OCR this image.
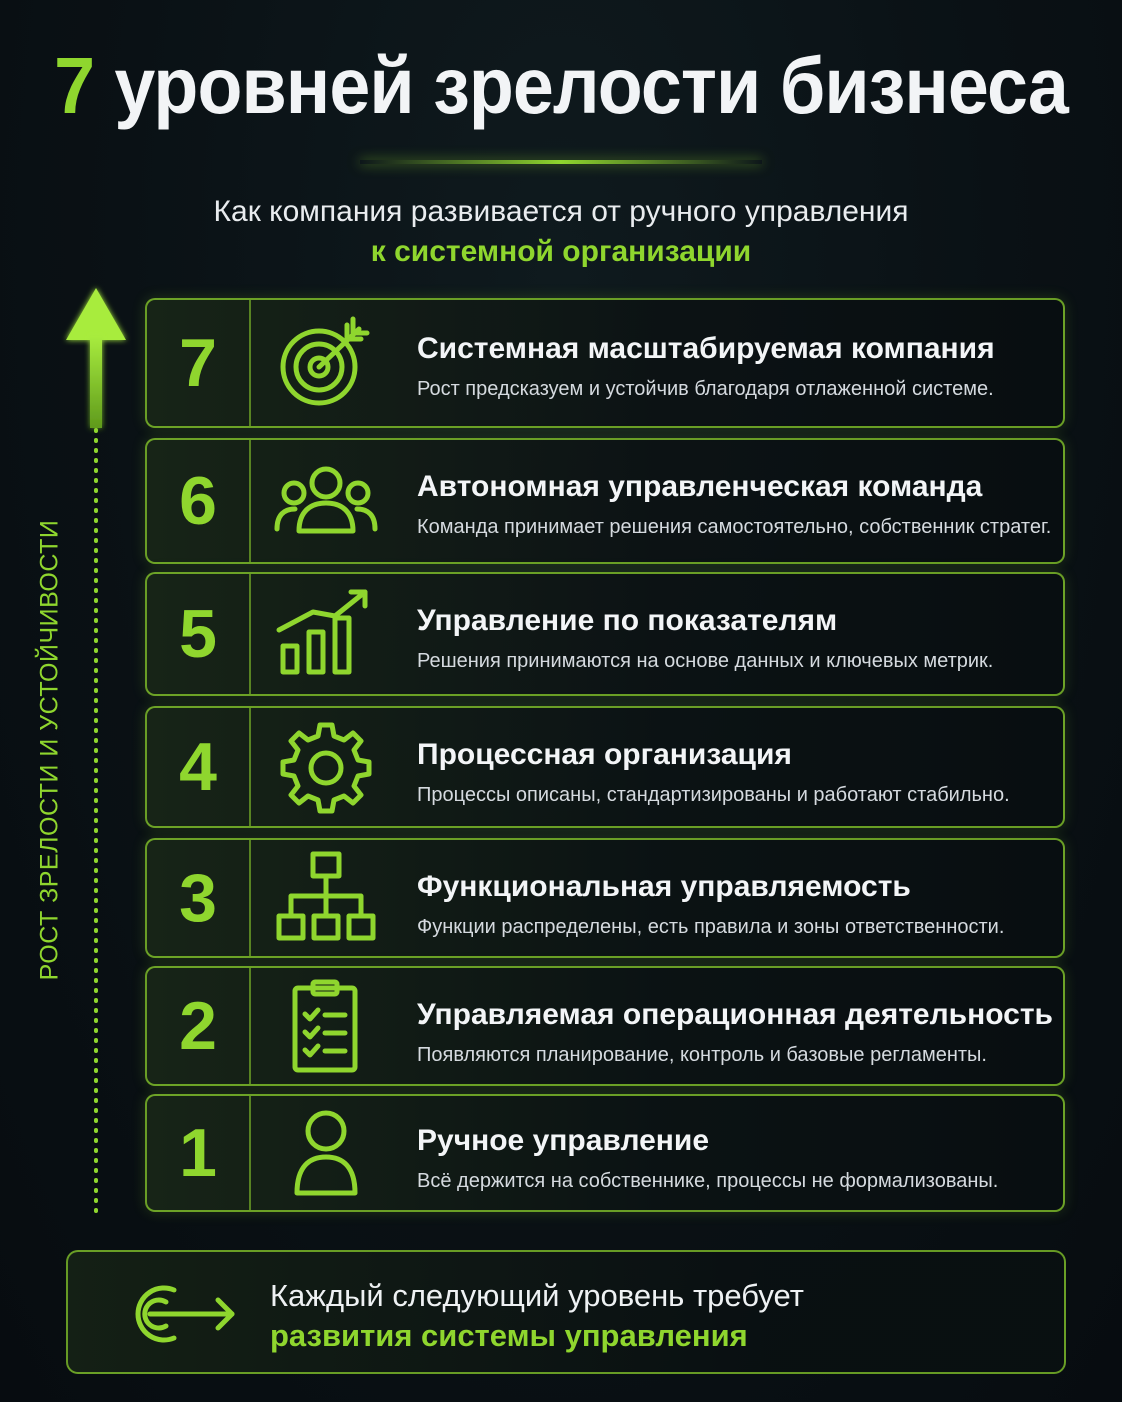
7 уровней зрелости бизнеса
Как компания развивается от ручного управления
к системной организации
РОСТ ЗРЕЛОСТИ И УСТОЙЧИВОСТИ
7	Системная масштабируемая компания
Рост предсказуем и устойчив благодаря отлаженной системе.
6	Автономная управленческая команда
Команда принимает решения самостоятельно, собственник стратег.
5	Управление по показателям
Решения принимаются на основе данных и ключевых метрик.
4	Процессная организация
Процессы описаны, стандартизированы и работают стабильно.
3	Функциональная управляемость
Функции распределены, есть правила и зоны ответственности.
2	Управляемая операционная деятельность
Появляются планирование, контроль и базовые регламенты.
1	Ручное управление
Всё держится на собственнике, процессы не формализованы.
Каждый следующий уровень требует
развития системы управления
